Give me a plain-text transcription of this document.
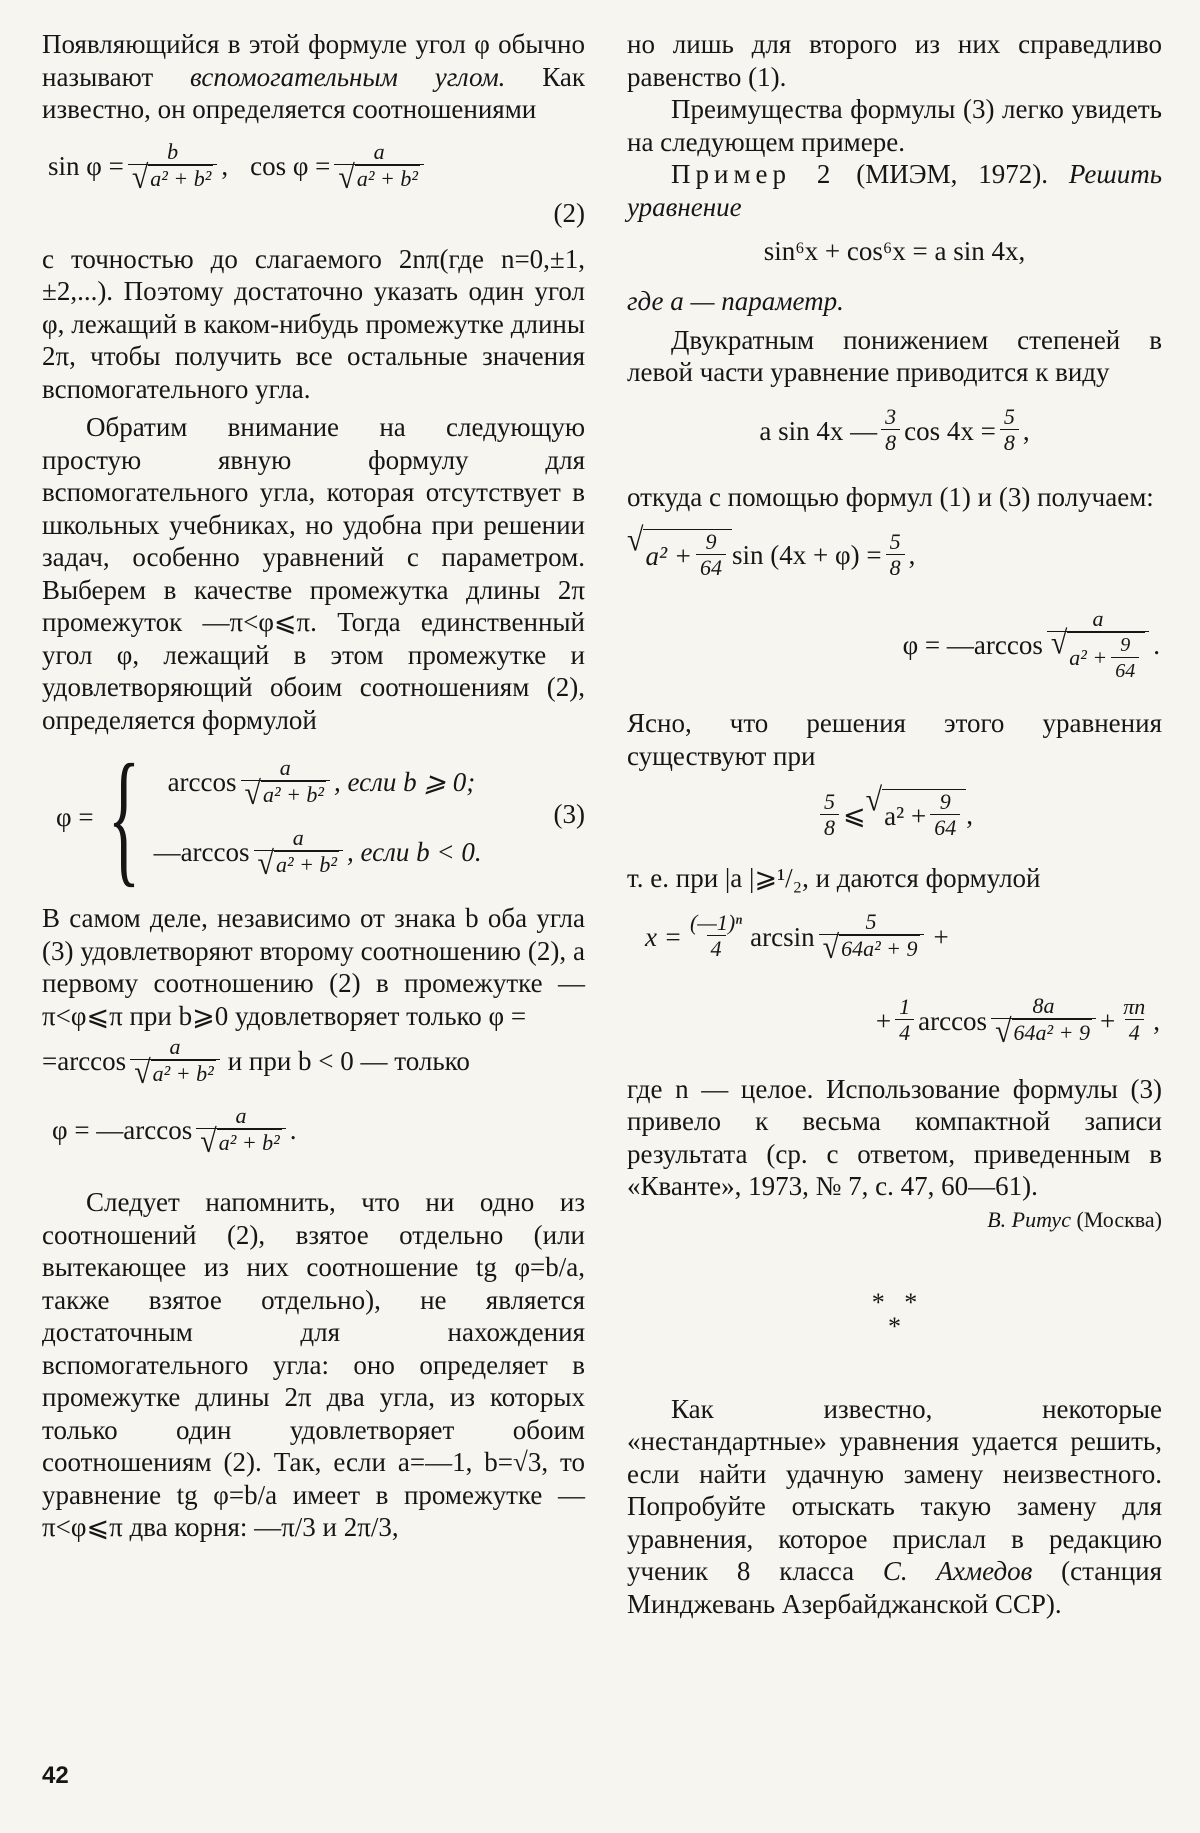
Появляющийся в этой формуле угол φ обычно называют вспомогательным углом. Как известно, он определяется соотношениями

$\sin \varphi = \frac{b}{\text{√ a² + b²}}$ , $\cos \varphi = \frac{a}{\text{√ a² + b²}}$
(2)

с точностью до слагаемого 2nπ(где n=0,±1,±2,...). Поэтому достаточно указать один угол φ, лежащий в каком-нибудь промежутке длины 2π, чтобы получить все остальные значения вспомогательного угла.

Обратим внимание на следующую простую явную формулу для вспомогательного угла, которая отсутствует в школьных учебниках, но удобна при решении задач, особенно уравнений с параметром. Выберем в качестве промежутка длины 2π промежуток —π<φ⩽π. Тогда единственный угол φ, лежащий в этом промежутке и удовлетворяющий обоим соотношениям (2), определяется формулой

φ = { $\arccos \frac{a}{\text{√ a² + b²}}$ , если b ⩾ 0;
—arccos $\frac{a}{\text{√ a² + b²}}$ , если b < 0.
(3)

В самом деле, независимо от знака b оба угла (3) удовлетворяют второму соотношению (2), а первому соотношению (2) в промежутке —π<φ⩽π при b⩾0 удовлетворяет только φ =

$=\arccos \frac{a}{\text{√ a² + b²}}$ и при b < 0 — только
φ = —arccos $\frac{a}{\text{√ a² + b²}}$ .

Следует напомнить, что ни одно из соотношений (2), взятое отдельно (или вытекающее из них соотношение tg φ=b/a, также взятое отдельно), не является достаточным для нахождения вспомогательного угла: оно определяет в промежутке длины 2π два угла, из которых только один удовлетворяет обоим соотношениям (2). Так, если a=—1, b=√3, то уравнение tg φ=b/a имеет в промежутке —π<φ⩽π два корня: —π/3 и 2π/3,

но лишь для второго из них справедливо равенство (1).

Преимущества формулы (3) легко увидеть на следующем примере.

Пример 2 (МИЭМ, 1972). Решить уравнение

sin⁶x + cos⁶x = a sin 4x,

где a — параметр.

Двукратным понижением степеней в левой части уравнение приводится к виду

a sin 4x — $\frac{3}{8}$ $\cos 4x = \frac{5}{8}$ ,

откуда с помощью формул (1) и (3) получаем:

√ $a^2 + \frac{9}{64}$ $\sin (4x + \varphi) = \frac{5}{8}$ ,
φ = —arccos
a
√ $a^2 + \frac{9}{64}$ .

Ясно, что решения этого уравнения существуют при

$\frac{5}{8}$ ⩽ √ $a^2 + \frac{9}{64}$ ,

т. е. при |a |⩾¹/₂, и даются формулой

$x = \frac{\text{(—1)ⁿ}}{4}$ $\arcsin \frac{5}{\text{√ 64a² + 9}}$ +
+ $\frac{1}{4}$ $\arccos \frac{8a}{\text{√ 64a² + 9}} + \frac{\pi n}{4}$ ,

где n — целое. Использование формулы (3) привело к весьма компактной записи результата (ср. с ответом, приведенным в «Кванте», 1973, № 7, с. 47, 60—61).

В. Ритус (Москва)
*   *
*

Как известно, некоторые «нестандартные» уравнения удается решить, если найти удачную замену неизвестного. Попробуйте отыскать такую замену для уравнения, которое прислал в редакцию ученик 8 класса С. Ахмедов (станция Минджевань Азербайджанской ССР).

42
